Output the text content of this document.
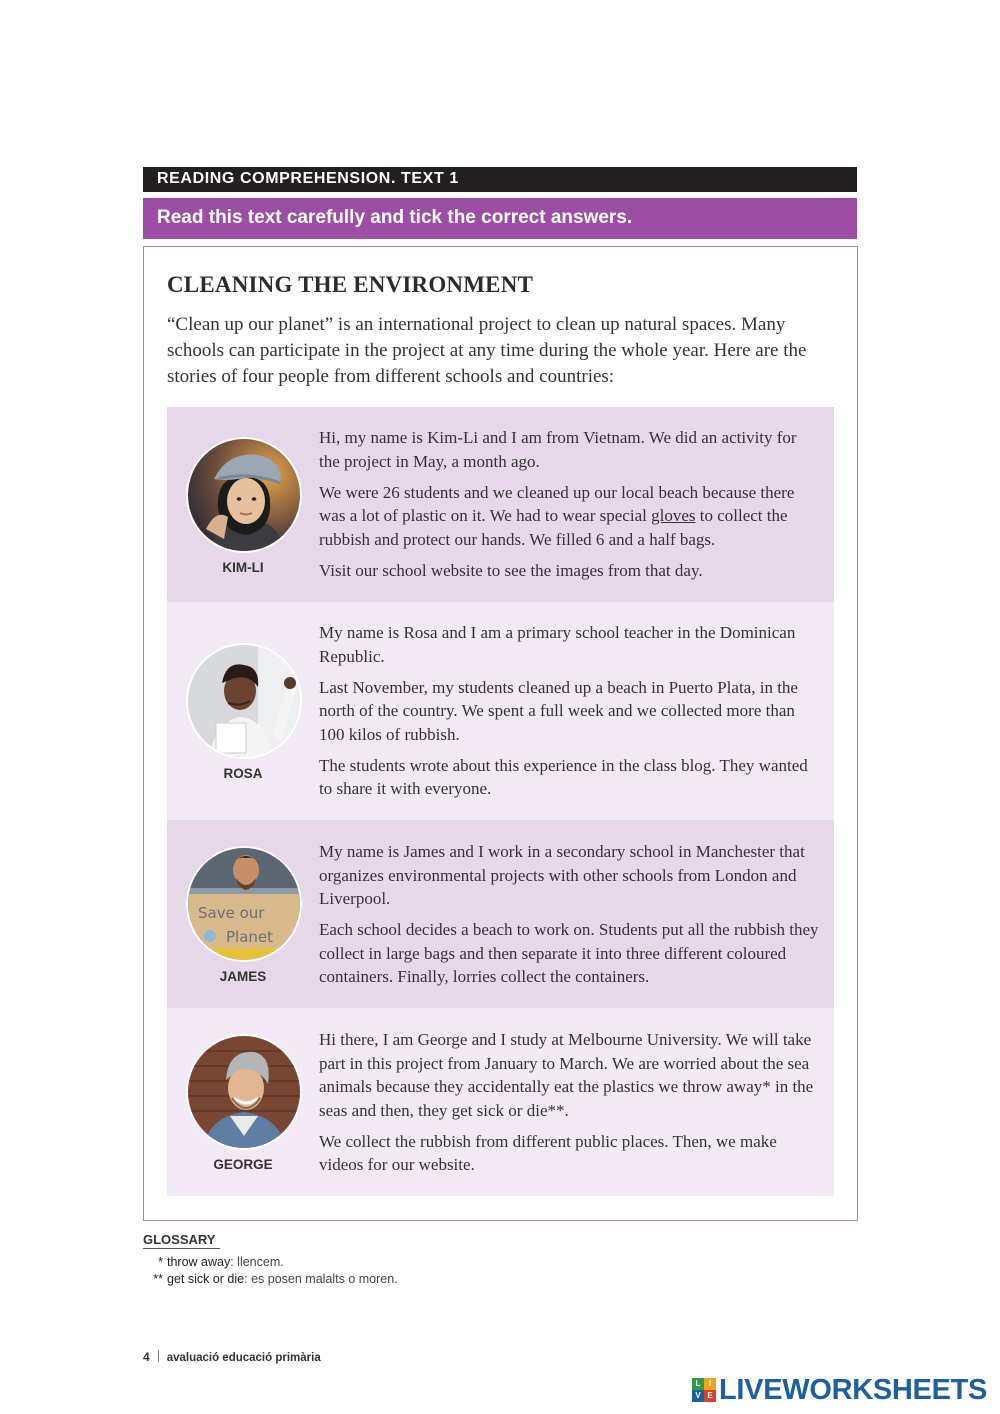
READING COMPREHENSION. TEXT 1
Read this text carefully and tick the correct answers.
CLEANING THE ENVIRONMENT
“Clean up our planet” is an international project to clean up natural spaces. Many schools can participate in the project at any time during the whole year. Here are the stories of four people from different schools and countries:
KIM-LI

Hi, my name is Kim-Li and I am from Vietnam. We did an activity for the project in May, a month ago.

We were 26 students and we cleaned up our local beach because there was a lot of plastic on it. We had to wear special gloves to collect the rubbish and protect our hands. We filled 6 and a half bags.

Visit our school website to see the images from that day.

ROSA

My name is Rosa and I am a primary school teacher in the Dominican Republic.

Last November, my students cleaned up a beach in Puerto Plata, in the north of the country. We spent a full week and we collected more than 100 kilos of rubbish.

The students wrote about this experience in the class blog. They wanted to share it with everyone.

Save our
Planet
JAMES

My name is James and I work in a secondary school in Manchester that organizes environmental projects with other schools from London and Liverpool.

Each school decides a beach to work on. Students put all the rubbish they collect in large bags and then separate it into three different coloured containers. Finally, lorries collect the containers.

GEORGE

Hi there, I am George and I study at Melbourne University. We will take part in this project from January to March. We are worried about the sea animals because they accidentally eat the plastics we throw away* in the seas and then, they get sick or die**.

We collect the rubbish from different public places. Then, we make videos for our website.

GLOSSARY
* throw away: llencem.
** get sick or die: es posen malalts o moren.
4 avaluació educació primària
L	I
V E LIVEWORKSHEETS
